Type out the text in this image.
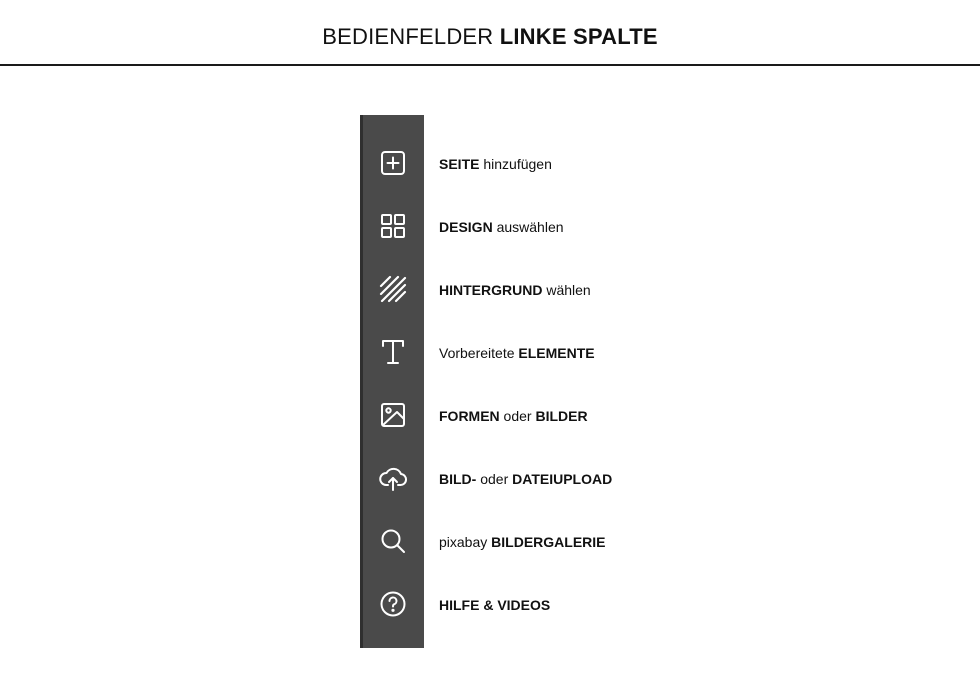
BEDIENFELDER LINKE SPALTE
SEITE hinzufügen
DESIGN auswählen
HINTERGRUND wählen
Vorbereitete ELEMENTE
FORMEN oder BILDER
BILD- oder DATEIUPLOAD
pixabay BILDERGALERIE
HILFE & VIDEOS
